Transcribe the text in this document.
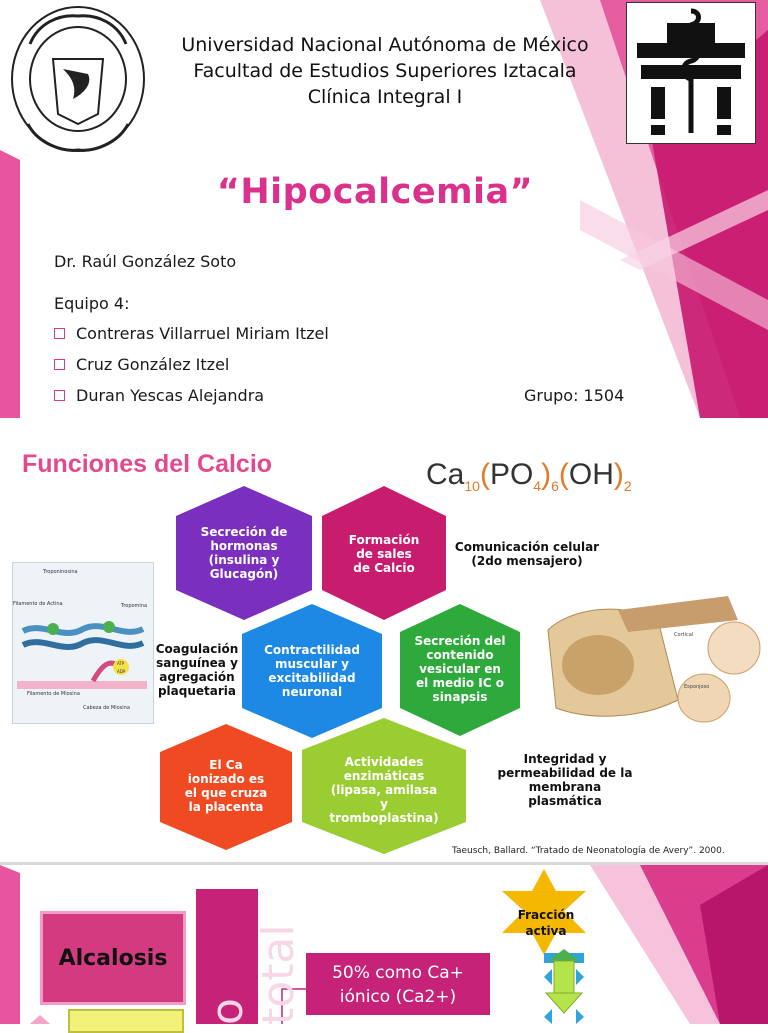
Universidad Nacional Autónoma de México
Facultad de Estudios Superiores Iztacala
Clínica Integral I
“Hipocalcemia”
Dr. Raúl González Soto
Equipo 4:
Contreras Villarruel Miriam Itzel
Cruz González Itzel
Duran Yescas Alejandra	Grupo: 1504
Funciones del Calcio	$Ca_{10}(PO_4)_6(OH)_2$
Troponinosina
Tropomina
Filamento de Actina
Filamento de Miosina
Cabeza de Miosina
ATP
ADP
Secreción de hormonas (insulina y Glucagón)
Formación de sales de Calcio
Contractilidad muscular y excitabilidad neuronal
Secreción del contenido vesicular en el medio IC o sinapsis
El Ca ionizado es el que cruza la placenta
Actividades enzimáticas (lipasa, amilasa y tromboplastina)
Comunicación celular (2do mensajero)
Coagulación sanguínea y agregación plaquetaria
Integridad y permeabilidad de la membrana plasmática
Cortical
Esponjoso
Taeusch, Ballard. “Tratado de Neonatología de Avery”. 2000.
o total
Alcalosis
50% como Ca+ iónico (Ca2+)
Fracción activa
